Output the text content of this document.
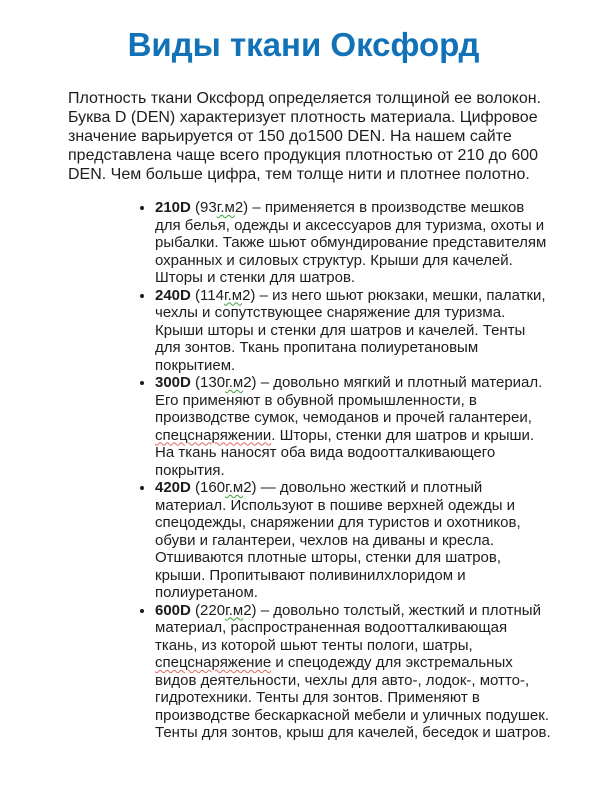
Виды ткани Оксфорд

Плотность ткани Оксфорд определяется толщиной ее волокон. Буква D (DEN) характеризует плотность материала. Цифровое значение варьируется от 150 до1500 DEN. На нашем сайте представлена чаще всего продукция плотностью от 210 до 600 DEN. Чем больше цифра, тем толще нити и плотнее полотно.

• 210D (93г.м2) – применяется в производстве мешков для белья, одежды и аксессуаров для туризма, охоты и рыбалки. Также шьют обмундирование представителям охранных и силовых структур. Крыши для качелей. Шторы и стенки для шатров.
• 240D (114г.м2) – из него шьют рюкзаки, мешки, палатки, чехлы и сопутствующее снаряжение для туризма. Крыши шторы и стенки для шатров и качелей. Тенты для зонтов. Ткань пропитана полиуретановым покрытием.
• 300D (130г.м2) – довольно мягкий и плотный материал. Его применяют в обувной промышленности, в производстве сумок, чемоданов и прочей галантереи, спецснаряжении. Шторы, стенки для шатров и крыши. На ткань наносят оба вида водоотталкивающего покрытия.
• 420D (160г.м2) — довольно жесткий и плотный материал. Используют в пошиве верхней одежды и спецодежды, снаряжении для туристов и охотников, обуви и галантереи, чехлов на диваны и кресла. Отшиваются плотные шторы, стенки для шатров, крыши. Пропитывают поливинилхлоридом и полиуретаном.
• 600D (220г.м2) – довольно толстый, жесткий и плотный материал, распространенная водоотталкивающая ткань, из которой шьют тенты пологи, шатры, спецснаряжение и спецодежду для экстремальных видов деятельности, чехлы для авто-, лодок-, мотто-, гидротехники. Тенты для зонтов. Применяют в производстве бескаркасной мебели и уличных подушек. Тенты для зонтов, крыш для качелей, беседок и шатров.
